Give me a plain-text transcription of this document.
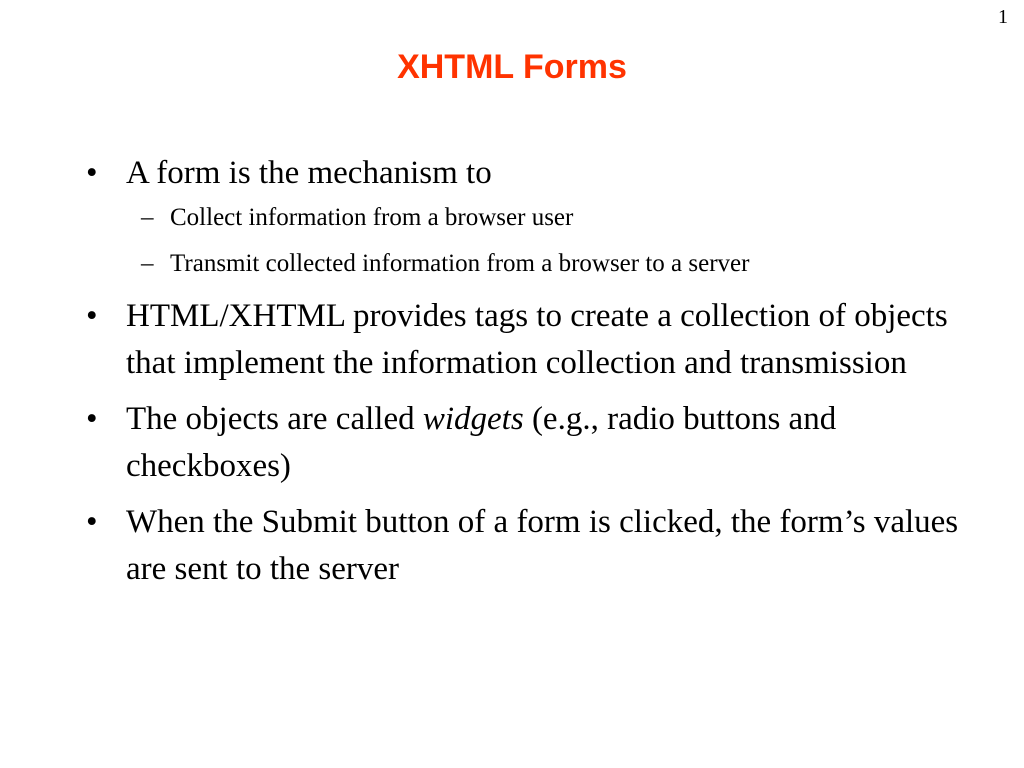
1
XHTML Forms
• A form is the mechanism to
– Collect information from a browser user
– Transmit collected information from a browser to a server
• HTML/XHTML provides tags to create a collection of objects that implement the information collection and transmission
• The objects are called widgets (e.g., radio buttons and checkboxes)
• When the Submit button of a form is clicked, the form’s values are sent to the server
